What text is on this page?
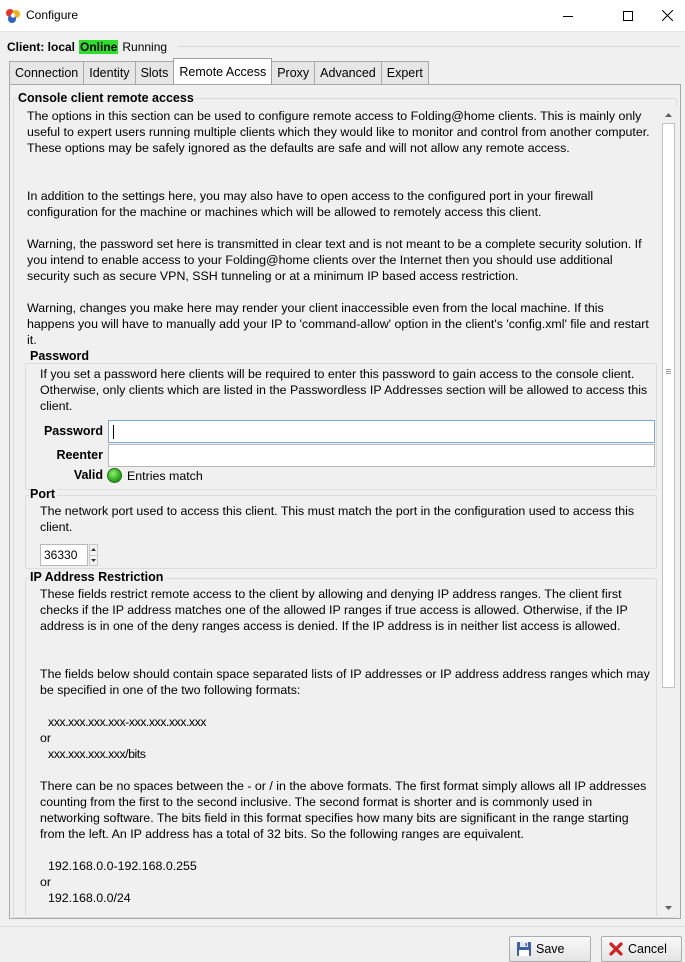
Configure
Client: local Online Running
Connection Identity Slots Remote Access Proxy Advanced Expert
Console client remote access
The options in this section can be used to configure remote access to Folding@home clients. This is mainly only useful to expert users running multiple clients which they would like to monitor and control from another computer. These options may be safely ignored as the defaults are safe and will not allow any remote access.
In addition to the settings here, you may also have to open access to the configured port in your firewall configuration for the machine or machines which will be allowed to remotely access this client.
Warning, the password set here is transmitted in clear text and is not meant to be a complete security solution. If you intend to enable access to your Folding@home clients over the Internet then you should use additional security such as secure VPN, SSH tunneling or at a minimum IP based access restriction.
Warning, changes you make here may render your client inaccessible even from the local machine. If this happens you will have to manually add your IP to 'command-allow' option in the client's 'config.xml' file and restart it.
Password
If you set a password here clients will be required to enter this password to gain access to the console client. Otherwise, only clients which are listed in the Passwordless IP Addresses section will be allowed to access this client.
Password
Reenter
Valid Entries match
Port
The network port used to access this client. This must match the port in the configuration used to access this client.
36330
IP Address Restriction
These fields restrict remote access to the client by allowing and denying IP address ranges. The client first checks if the IP address matches one of the allowed IP ranges if true access is allowed. Otherwise, if the IP address is in one of the deny ranges access is denied. If the IP address is in neither list access is allowed.
The fields below should contain space separated lists of IP addresses or IP address address ranges which may be specified in one of the two following formats:
xxx.xxx.xxx.xxx-xxx.xxx.xxx.xxx
or
xxx.xxx.xxx.xxx/bits
There can be no spaces between the - or / in the above formats. The first format simply allows all IP addresses counting from the first to the second inclusive. The second format is shorter and is commonly used in networking software. The bits field in this format specifies how many bits are significant in the range starting from the left. An IP address has a total of 32 bits. So the following ranges are equivalent.
192.168.0.0-192.168.0.255
or
192.168.0.0/24
Save	Cancel
